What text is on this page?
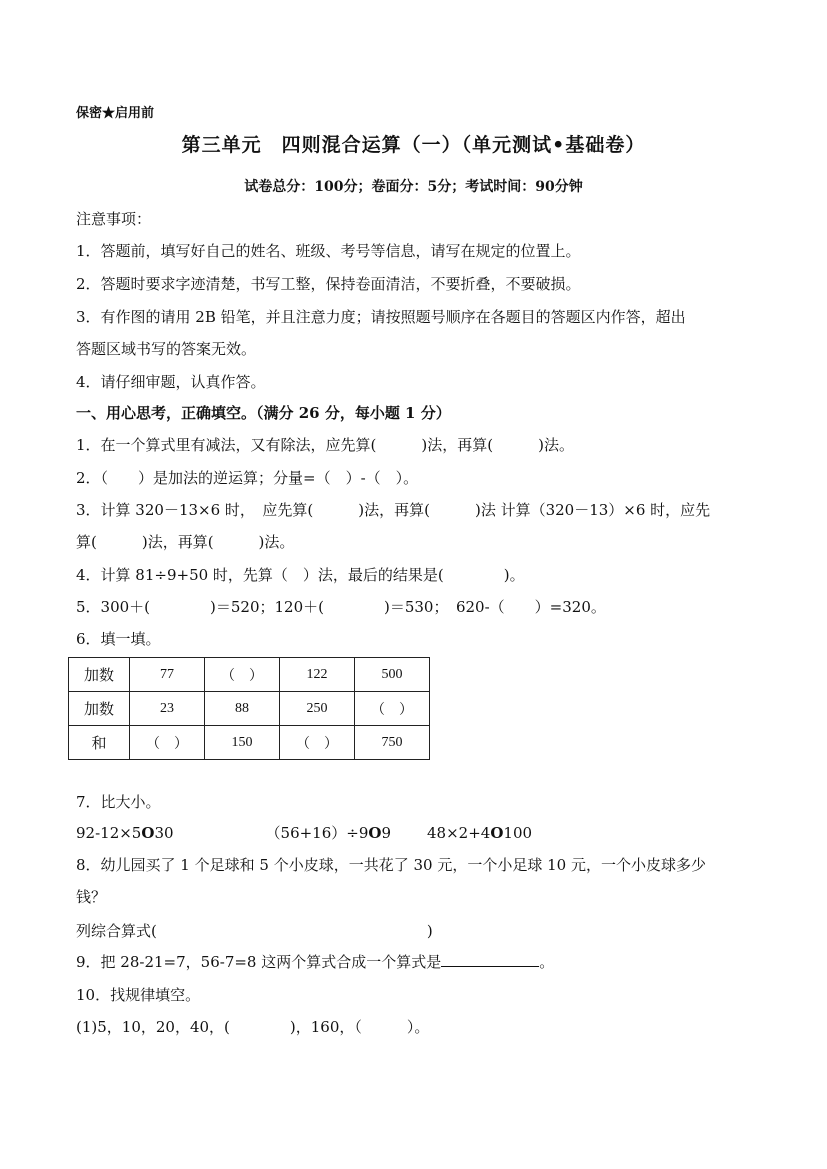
保密★启用前
第三单元　四则混合运算（一）（单元测试•基础卷）
试卷总分：100分；卷面分：5分；考试时间：90分钟
注意事项：
1．答题前，填写好自己的姓名、班级、考号等信息，请写在规定的位置上。
2．答题时要求字迹清楚，书写工整，保持卷面清洁，不要折叠，不要破损。
3．有作图的请用 2B 铅笔，并且注意力度；请按照题号顺序在各题目的答题区内作答，超出
答题区域书写的答案无效。
4．请仔细审题，认真作答。
一、用心思考，正确填空。（满分 26 分，每小题 1 分）
1．在一个算式里有减法，又有除法，应先算(　　　)法，再算(　　　)法。
2．（　　）是加法的逆运算；分量=（　）-（　）。
3．计算 320－13×6 时，　应先算(　　　)法，再算(　　　)法 计算（320－13）×6 时，应先
算(　　　)法，再算(　　　)法。
4．计算 81÷9+50 时，先算（　）法，最后的结果是(　　　　)。
5．300＋(　　　　)＝520；120＋(　　　　)＝530；　620-（　　）=320。
6．填一填。
加数	77	（　）	122	500
加数	23	88	250	（　）
和	（　）	150	（　）	750
7．比大小。
92-12×5O30	（56+16）÷9O9 48×2+4O100
8．幼儿园买了 1 个足球和 5 个小皮球，一共花了 30 元，一个小足球 10 元，一个小皮球多少
钱？
列综合算式(　　　　　　　　　　　　　　　　　　)
9．把 28-21=7，56-7=8 这两个算式合成一个算式是	。
10．找规律填空。
(1)5，10，20，40，(　　　　)，160，（　　　）。
